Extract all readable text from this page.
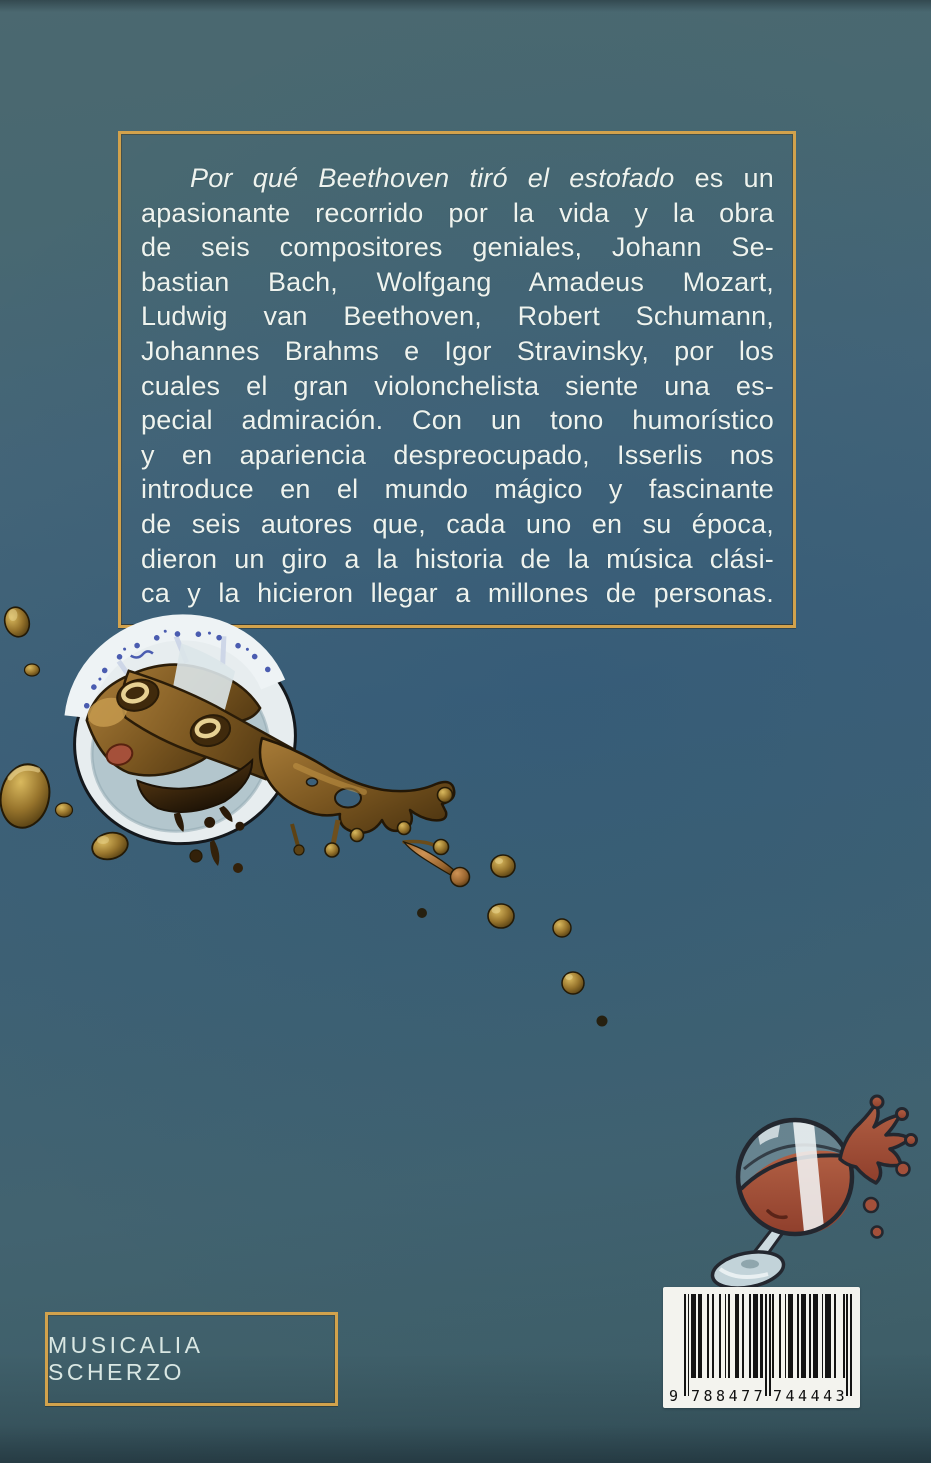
Por qué Beethoven tiró el estofado es un

apasionante recorrido por la vida y la obra

de seis compositores geniales, Johann Se-

bastian Bach, Wolfgang Amadeus Mozart,

Ludwig van Beethoven, Robert Schumann,

Johannes Brahms e Igor Stravinsky, por los

cuales el gran violonchelista siente una es-

pecial admiración. Con un tono humorístico

y en apariencia despreocupado, Isserlis nos

introduce en el mundo mágico y fascinante

de seis autores que, cada uno en su época,

dieron un giro a la historia de la música clási-

ca y la hicieron llegar a millones de personas.

MUSICALIA SCHERZO
9 788477 744443
